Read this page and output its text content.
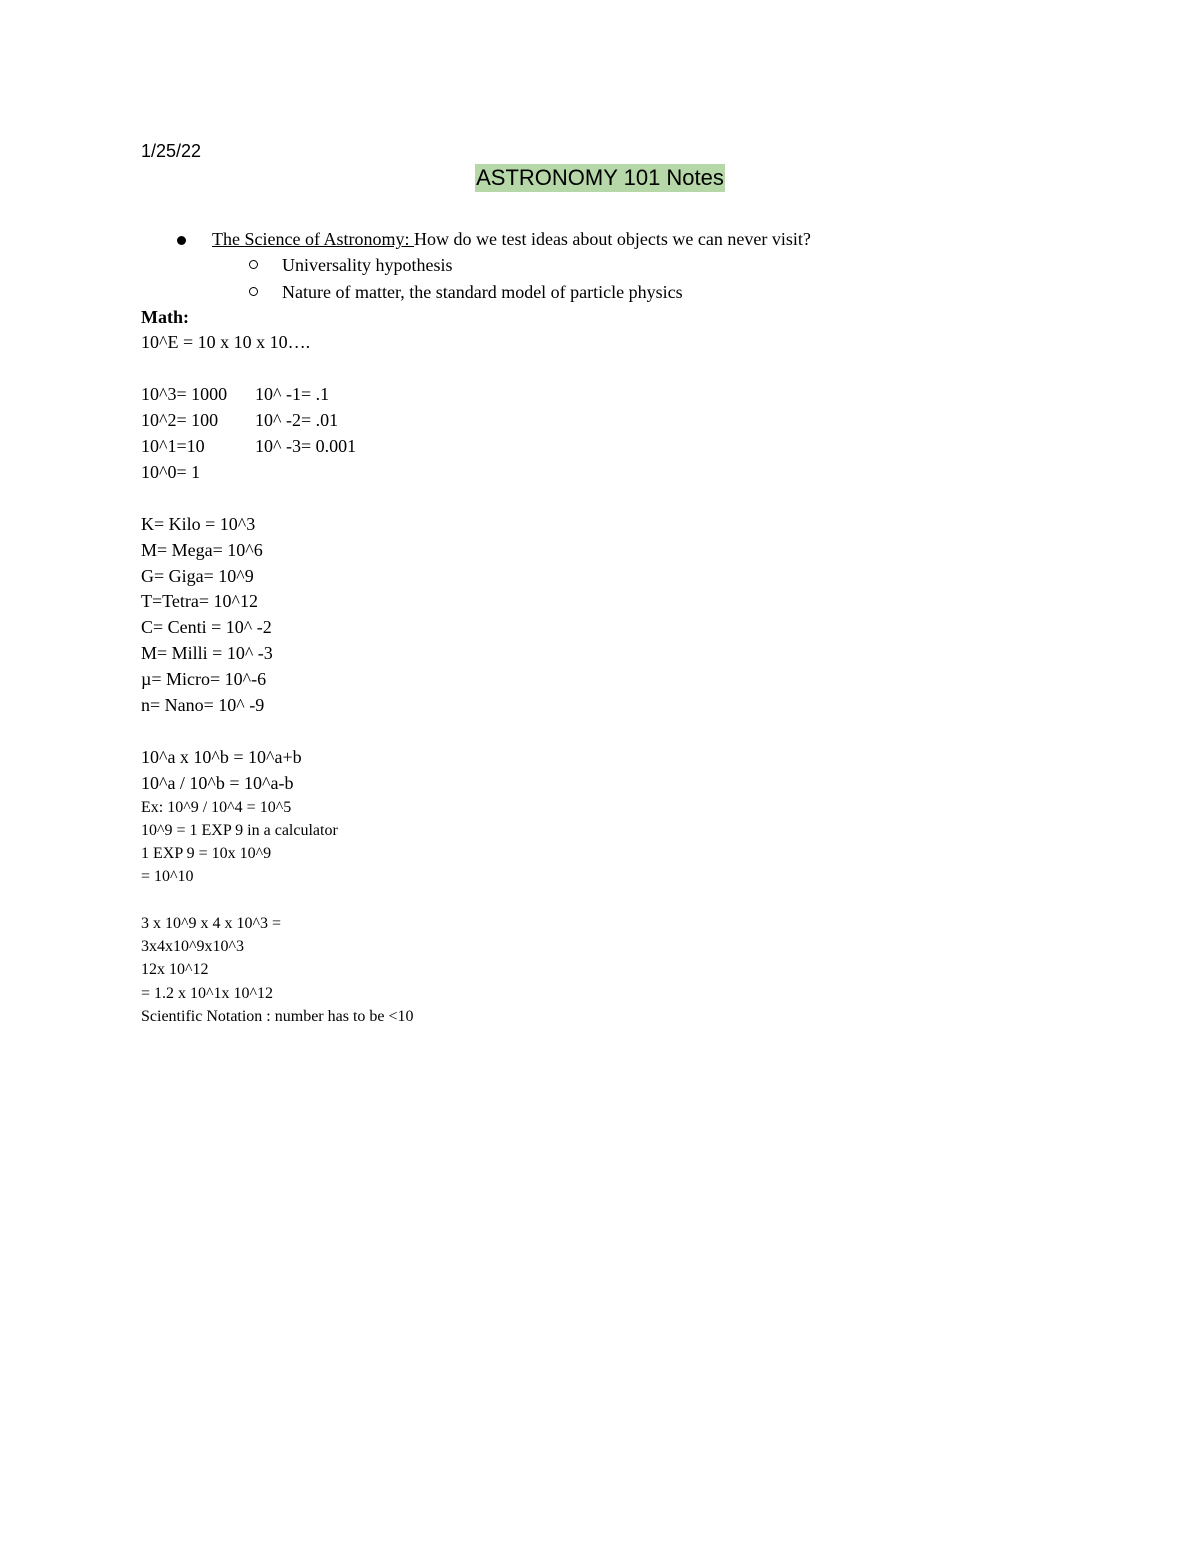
1/25/22
ASTRONOMY 101 Notes
The Science of Astronomy: How do we test ideas about objects we can never visit?
Universality hypothesis
Nature of matter, the standard model of particle physics
Math:
10^E = 10 x 10 x 10….
10^3= 1000 10^ -1= .1
10^2= 100 10^ -2= .01
10^1=10	10^ -3= 0.001
10^0= 1
K= Kilo = 10^3
M= Mega= 10^6
G= Giga= 10^9
T=Tetra= 10^12
C= Centi = 10^ -2
M= Milli = 10^ -3
µ= Micro= 10^-6
n= Nano= 10^ -9
10^a x 10^b = 10^a+b
10^a / 10^b = 10^a-b
Ex: 10^9 / 10^4 = 10^5
10^9 = 1 EXP 9 in a calculator
1 EXP 9 = 10x 10^9
= 10^10
3 x 10^9 x 4 x 10^3 =
3x4x10^9x10^3
12x 10^12
= 1.2 x 10^1x 10^12
Scientific Notation : number has to be <10
